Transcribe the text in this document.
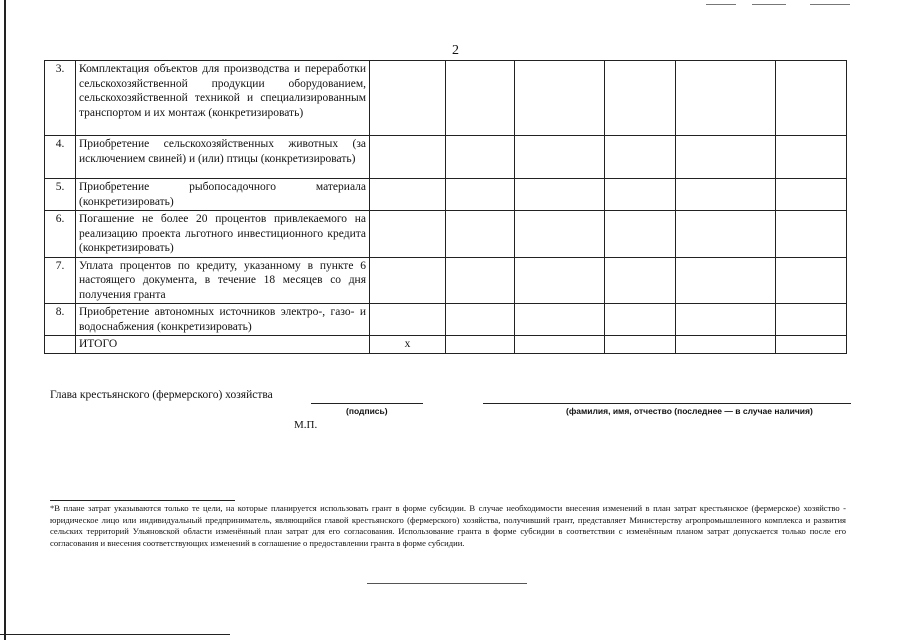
2
3.	Комплектация объектов для производства и переработки сельскохозяйственной продукции оборудованием, сельскохозяйственной техникой и специализированным транспортом и их монтаж (конкретизировать)						
4.	Приобретение сельскохозяйственных животных (за исключением свиней) и (или) птицы (конкретизировать)						
5.	Приобретение рыбопосадочного материала (конкретизировать)						
6.	Погашение не более 20 процентов привлекаемого на реализацию проекта льготного инвестиционного кредита (конкретизировать)						
7.	Уплата процентов по кредиту, указанному в пункте 6 настоящего документа, в течение 18 месяцев со дня получения гранта						
8.	Приобретение автономных источников электро-, газо- и водоснабжения (конкретизировать)						
	ИТОГО	х					
Глава крестьянского (фермерского) хозяйства
(подпись)	(фамилия, имя, отчество (последнее — в случае наличия)
М.П.
*В плане затрат указываются только те цели, на которые планируется использовать грант в форме субсидии. В случае необходимости внесения изменений в план затрат крестьянское (фермерское) хозяйство - юридическое лицо или индивидуальный предприниматель, являющийся главой крестьянского (фермерского) хозяйства, получивший грант, представляет Министерству агропромышленного комплекса и развития сельских территорий Ульяновской области изменённый план затрат для его согласования. Использование гранта в форме субсидии в соответствии с изменённым планом затрат допускается только после его согласования и внесения соответствующих изменений в соглашение о предоставлении гранта в форме субсидии.
